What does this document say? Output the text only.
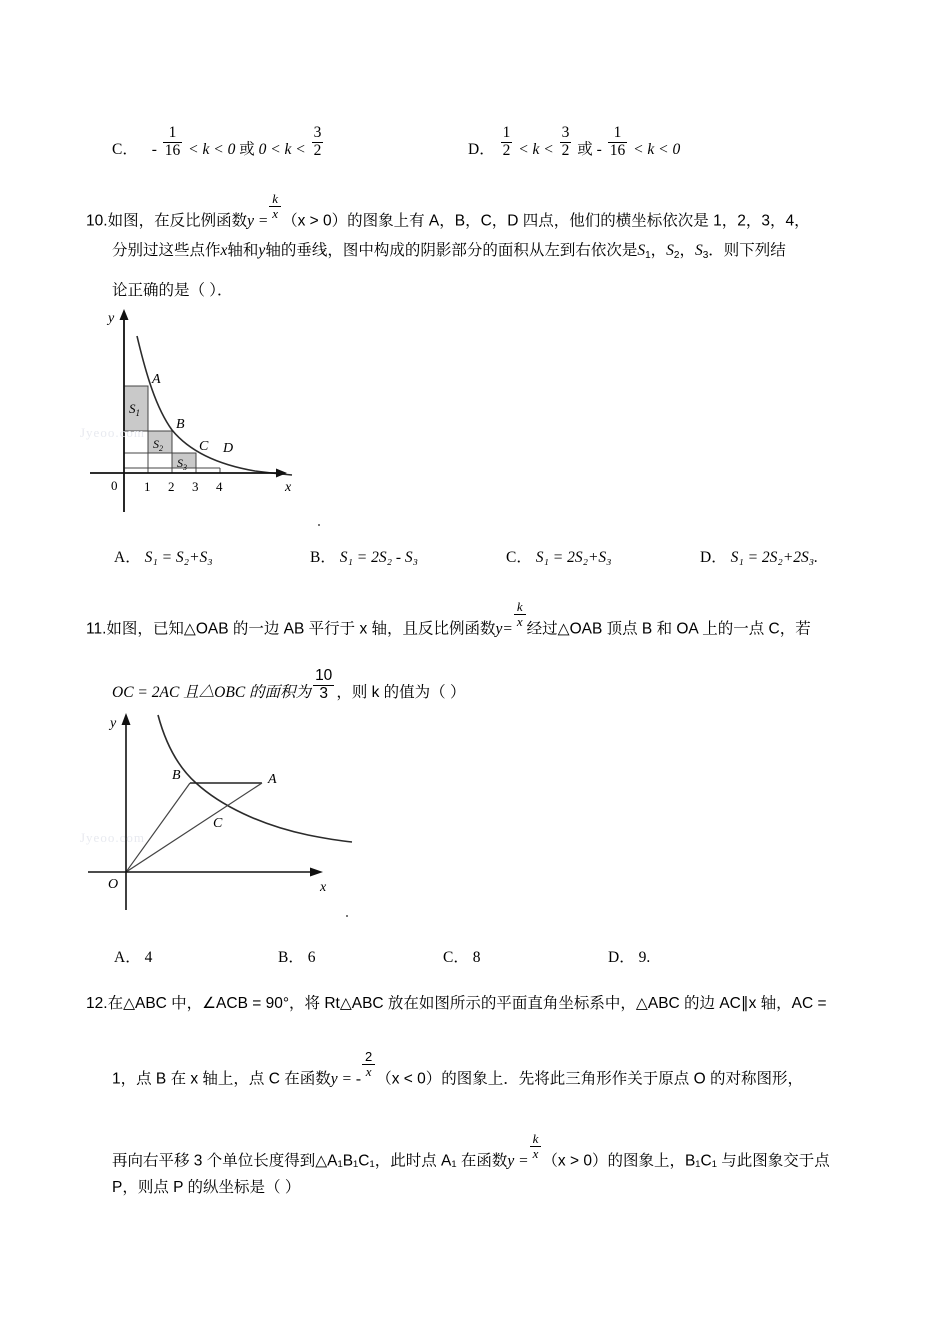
C． - $\frac{1}{16} < k < 0$ 或 $0 < k < \frac{3}{2}$	D． $\frac{1}{2} < k < \frac{3}{2}$ 或 - $\frac{1}{16} < k < 0$
10.如图，在反比例函数y =
$\frac{k}{x}$
（x > 0）的图象上有 A，B，C，D 四点，他们的横坐标依次是 1，2，3，4，
分别过这些点作x轴和y轴的垂线，图中构成的阴影部分的面积从左到右依次是$S_1$，$S_2$，$S_3$．则下列结
论正确的是（ ）．
0 1 2 3 4	x
y
A
B
C D
$S_1$
$S_2$
$S_3$
Jyeoo.com
A． S₁ = S₂+S₃	B． S₁ = 2S₂ - S₃	C． S₁ = 2S₂+S₃	D． S₁ = 2S₂+2S₃.
11.如图，已知△OAB 的一边 AB 平行于 x 轴，且反比例函数y=
$\frac{k}{x}$
经过△OAB 顶点 B 和 OA 上的一点 C，若
OC = 2AC 且△OBC 的面积为 $\frac{10}{3}$ ，则 k 的值为（ ）
y
x
O
B	A
C
Jyeoo.com
A． 4	B． 6	C． 8	D． 9.
12.在△ABC 中，∠ACB = 90°，将 Rt△ABC 放在如图所示的平面直角坐标系中，△ABC 的边 AC∥x 轴，AC =
1，点 B 在 x 轴上，点 C 在函数y = -
$\frac{2}{x}$
（x < 0）的图象上．先将此三角形作关于原点 O 的对称图形，
再向右平移 3 个单位长度得到△A₁B₁C₁，此时点 A₁ 在函数y =
$\frac{k}{x}$
（x > 0）的图象上，B₁C₁ 与此图象交于点
P，则点 P 的纵坐标是（ ）
